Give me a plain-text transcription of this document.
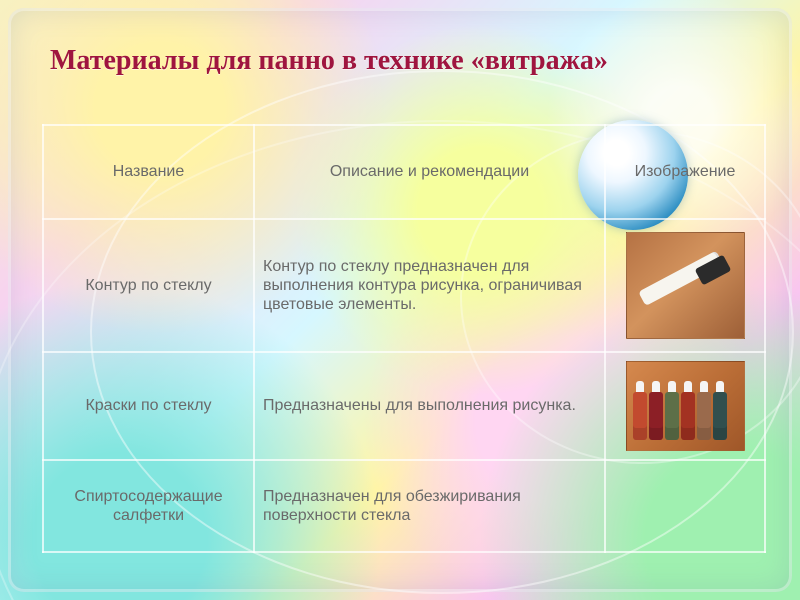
Материалы для панно в технике «витража»
Название	Описание и рекомендации	Изображение
Контур по стеклу	Контур по стеклу предназначен для выполнения контура рисунка, ограничивая цветовые элементы.	

Краски по стеклу	Предназначены для выполнения рисунка.	

Спиртосодержащие салфетки	Предназначен для обезжиривания поверхности стекла	
